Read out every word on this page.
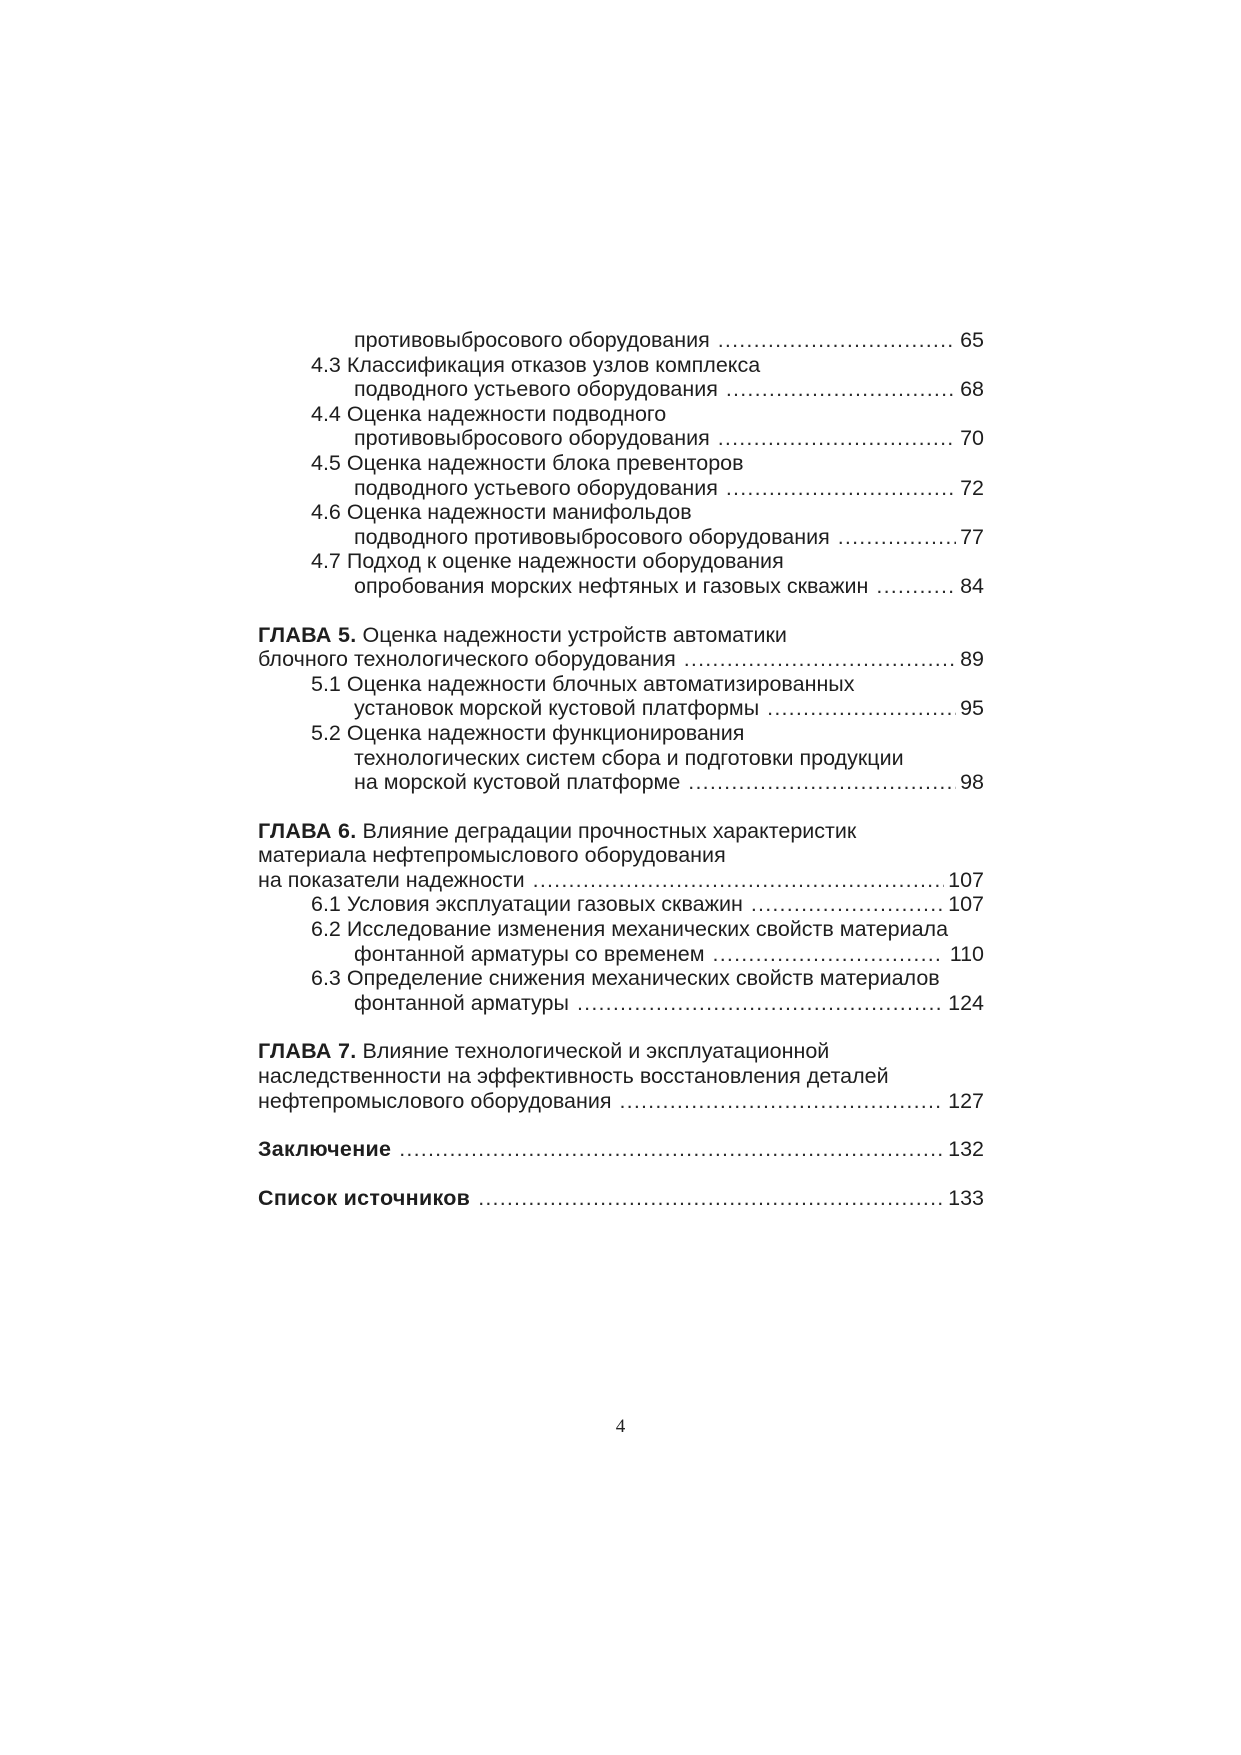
противовыбросового оборудования .....	65
4.3 Классификация отказов узлов комплекса
подводного устьевого оборудования .....	68
4.4 Оценка надежности подводного
противовыбросового оборудования .....	70
4.5 Оценка надежности блока превенторов
подводного устьевого оборудования .....	72
4.6 Оценка надежности манифольдов
подводного противовыбросового оборудования .....	77
4.7 Подход к оценке надежности оборудования
опробования морских нефтяных и газовых скважин .....	84
ГЛАВА 5. Оценка надежности устройств автоматики
блочного технологического оборудования .....	89
5.1 Оценка надежности блочных автоматизированных
установок морской кустовой платформы .....	95
5.2 Оценка надежности функционирования
технологических систем сбора и подготовки продукции
на морской кустовой платформе .....	98
ГЛАВА 6. Влияние деградации прочностных характеристик
материала нефтепромыслового оборудования
на показатели надежности .....	107
6.1 Условия эксплуатации газовых скважин .....	107
6.2 Исследование изменения механических свойств материала
фонтанной арматуры со временем .....	110
6.3 Определение снижения механических свойств материалов
фонтанной арматуры .....	124
ГЛАВА 7. Влияние технологической и эксплуатационной
наследственности на эффективность восстановления деталей
нефтепромыслового оборудования .....	127
Заключение .....	132
Список источников .....	133
4
